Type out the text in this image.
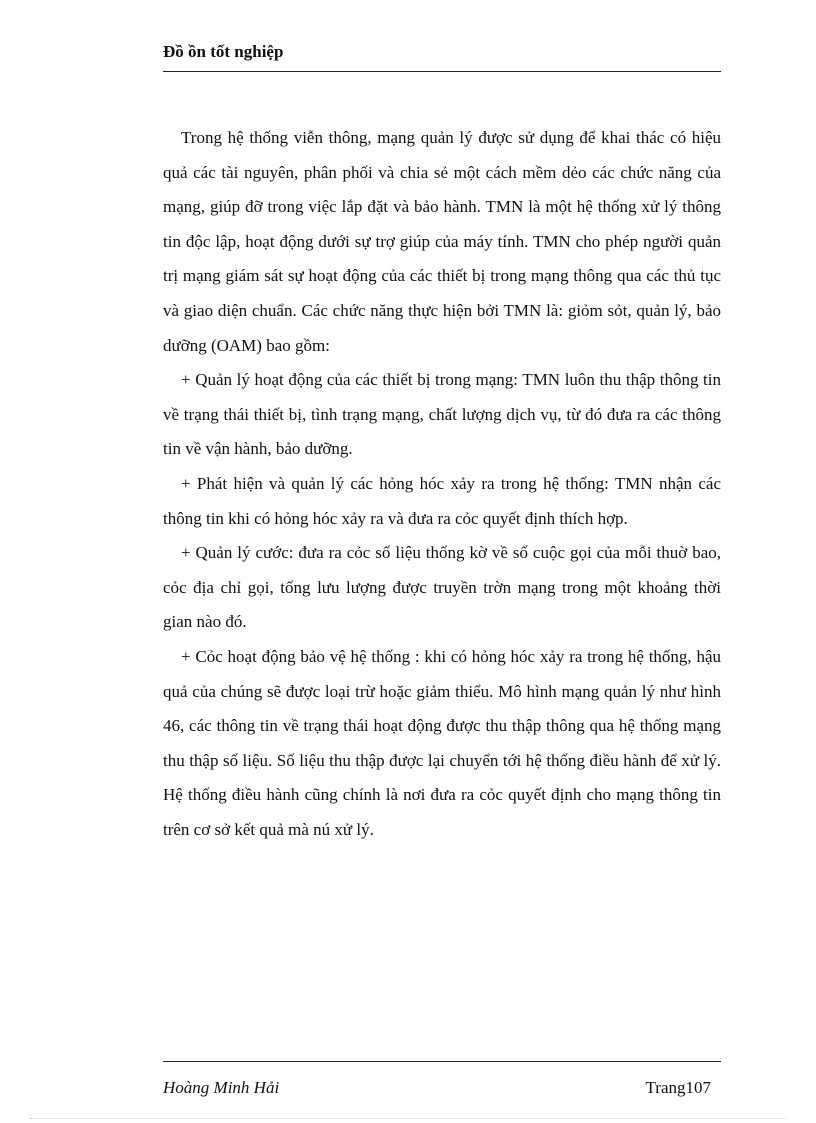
Đồ ồn tốt nghiệp

Trong hệ thống viễn thông, mạng quản lý được sử dụng để khai thác có hiệu quả các tài nguyên, phân phối và chia sẻ một cách mềm dẻo các chức năng của mạng, giúp đỡ trong việc lắp đặt và bảo hành. TMN là một hệ thống xử lý thông tin độc lập, hoạt động dưới sự trợ giúp của máy tính. TMN cho phép người quản trị mạng giám sát sự hoạt động của các thiết bị trong mạng thông qua các thủ tục và giao diện chuẩn. Các chức năng thực hiện bởi TMN là: giỏm sỏt, quản lý, bảo dưỡng (OAM) bao gồm:

+ Quản lý hoạt động của các thiết bị trong mạng: TMN luôn thu thập thông tin về trạng thái thiết bị, tình trạng mạng, chất lượng dịch vụ, từ đó đưa ra các thông tin về vận hành, bảo dưỡng.

+ Phát hiện và quản lý các hỏng hóc xảy ra trong hệ thống: TMN nhận các thông tin khi có hỏng hóc xảy ra và đưa ra cỏc quyết định thích hợp.

+ Quản lý cước: đưa ra cỏc số liệu thống kờ về số cuộc gọi của mỗi thuờ bao, cỏc địa chỉ gọi, tổng lưu lượng được truyền trờn mạng trong một khoảng thời gian nào đó.

+ Cỏc hoạt động bảo vệ hệ thống : khi có hỏng hóc xảy ra trong hệ thống, hậu quả của chúng sẽ được loại trừ hoặc giảm thiểu. Mô hình mạng quản lý như hình 46, các thông tin về trạng thái hoạt động được thu thập thông qua hệ thống mạng thu thập số liệu. Số liệu thu thập được lại chuyển tới hệ thống điều hành để xử lý. Hệ thống điều hành cũng chính là nơi đưa ra cỏc quyết định cho mạng thông tin trên cơ sở kết quả mà nú xử lý.

Hoàng Minh Hải	Trang107
